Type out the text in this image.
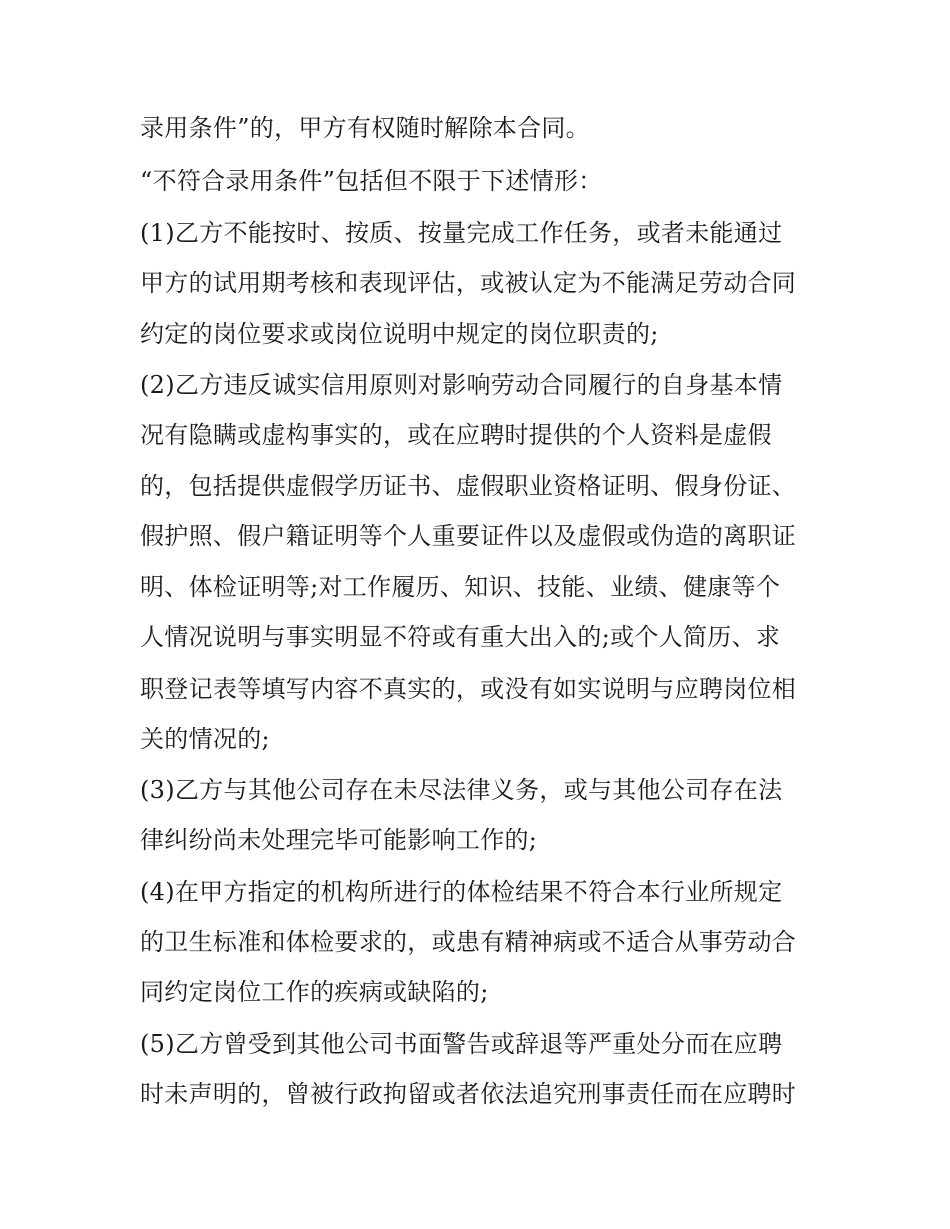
录用条件”的，甲方有权随时解除本合同。

“不符合录用条件”包括但不限于下述情形：

(1)乙方不能按时、按质、按量完成工作任务，或者未能通过

甲方的试用期考核和表现评估，或被认定为不能满足劳动合同

约定的岗位要求或岗位说明中规定的岗位职责的;

(2)乙方违反诚实信用原则对影响劳动合同履行的自身基本情

况有隐瞒或虚构事实的，或在应聘时提供的个人资料是虚假

的，包括提供虚假学历证书、虚假职业资格证明、假身份证、

假护照、假户籍证明等个人重要证件以及虚假或伪造的离职证

明、体检证明等;对工作履历、知识、技能、业绩、健康等个

人情况说明与事实明显不符或有重大出入的;或个人简历、求

职登记表等填写内容不真实的，或没有如实说明与应聘岗位相

关的情况的;

(3)乙方与其他公司存在未尽法律义务，或与其他公司存在法

律纠纷尚未处理完毕可能影响工作的;

(4)在甲方指定的机构所进行的体检结果不符合本行业所规定

的卫生标准和体检要求的，或患有精神病或不适合从事劳动合

同约定岗位工作的疾病或缺陷的;

(5)乙方曾受到其他公司书面警告或辞退等严重处分而在应聘

时未声明的，曾被行政拘留或者依法追究刑事责任而在应聘时
